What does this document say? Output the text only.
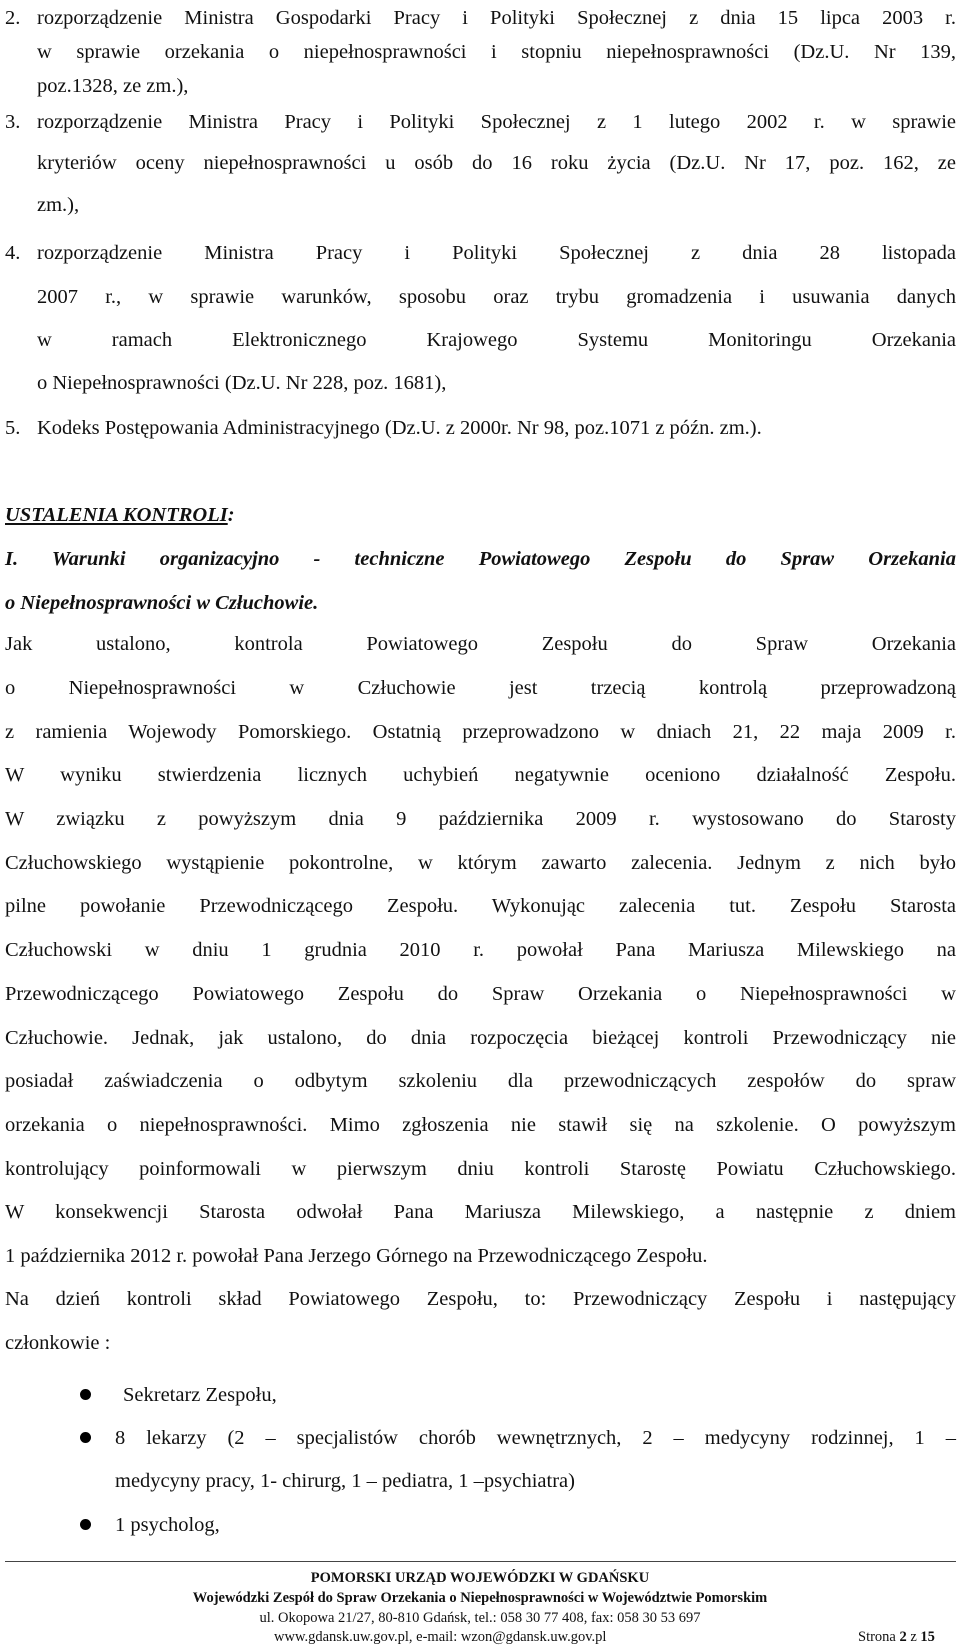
2. rozporządzenie Ministra Gospodarki Pracy i Polityki Społecznej z dnia 15 lipca 2003 r.
w sprawie orzekania o niepełnosprawności i stopniu niepełnosprawności (Dz.U. Nr 139,
poz.1328, ze zm.),
3. rozporządzenie Ministra Pracy i Polityki Społecznej z 1 lutego 2002 r. w sprawie
kryteriów oceny niepełnosprawności u osób do 16 roku życia (Dz.U. Nr 17, poz. 162, ze
zm.),
4. rozporządzenie Ministra Pracy i Polityki Społecznej z dnia 28 listopada
2007 r., w sprawie warunków, sposobu oraz trybu gromadzenia i usuwania danych
w ramach Elektronicznego Krajowego Systemu Monitoringu Orzekania
o Niepełnosprawności (Dz.U. Nr 228, poz. 1681),
5. Kodeks Postępowania Administracyjnego (Dz.U. z 2000r. Nr 98, poz.1071 z późn. zm.).
USTALENIA KONTROLI:
I. Warunki organizacyjno - techniczne Powiatowego Zespołu do Spraw Orzekania
o Niepełnosprawności w Człuchowie.
Jak ustalono, kontrola Powiatowego Zespołu do Spraw Orzekania
o Niepełnosprawności w Człuchowie jest trzecią kontrolą przeprowadzoną
z ramienia Wojewody Pomorskiego. Ostatnią przeprowadzono w dniach 21, 22 maja 2009 r.
W wyniku stwierdzenia licznych uchybień negatywnie oceniono działalność Zespołu.
W związku z powyższym dnia 9 października 2009 r. wystosowano do Starosty
Człuchowskiego wystąpienie pokontrolne, w którym zawarto zalecenia. Jednym z nich było
pilne powołanie Przewodniczącego Zespołu. Wykonując zalecenia tut. Zespołu Starosta
Człuchowski w dniu 1 grudnia 2010 r. powołał Pana Mariusza Milewskiego na
Przewodniczącego Powiatowego Zespołu do Spraw Orzekania o Niepełnosprawności w
Człuchowie. Jednak, jak ustalono, do dnia rozpoczęcia bieżącej kontroli Przewodniczący nie
posiadał zaświadczenia o odbytym szkoleniu dla przewodniczących zespołów do spraw
orzekania o niepełnosprawności. Mimo zgłoszenia nie stawił się na szkolenie. O powyższym
kontrolujący poinformowali w pierwszym dniu kontroli Starostę Powiatu Człuchowskiego.
W konsekwencji Starosta odwołał Pana Mariusza Milewskiego, a następnie z dniem
1 października 2012 r. powołał Pana Jerzego Górnego na Przewodniczącego Zespołu.
Na dzień kontroli skład Powiatowego Zespołu, to: Przewodniczący Zespołu i następujący
członkowie :
Sekretarz Zespołu,
8 lekarzy (2 – specjalistów chorób wewnętrznych, 2 – medycyny rodzinnej, 1 –
medycyny pracy, 1- chirurg, 1 – pediatra, 1 –psychiatra)
1 psycholog,
POMORSKI URZĄD WOJEWÓDZKI W GDAŃSKU
Wojewódzki Zespół do Spraw Orzekania o Niepełnosprawności w Województwie Pomorskim
ul. Okopowa 21/27, 80-810 Gdańsk, tel.: 058 30 77 408, fax: 058 30 53 697
www.gdansk.uw.gov.pl, e-mail: wzon@gdansk.uw.gov.pl	Strona 2 z 15
